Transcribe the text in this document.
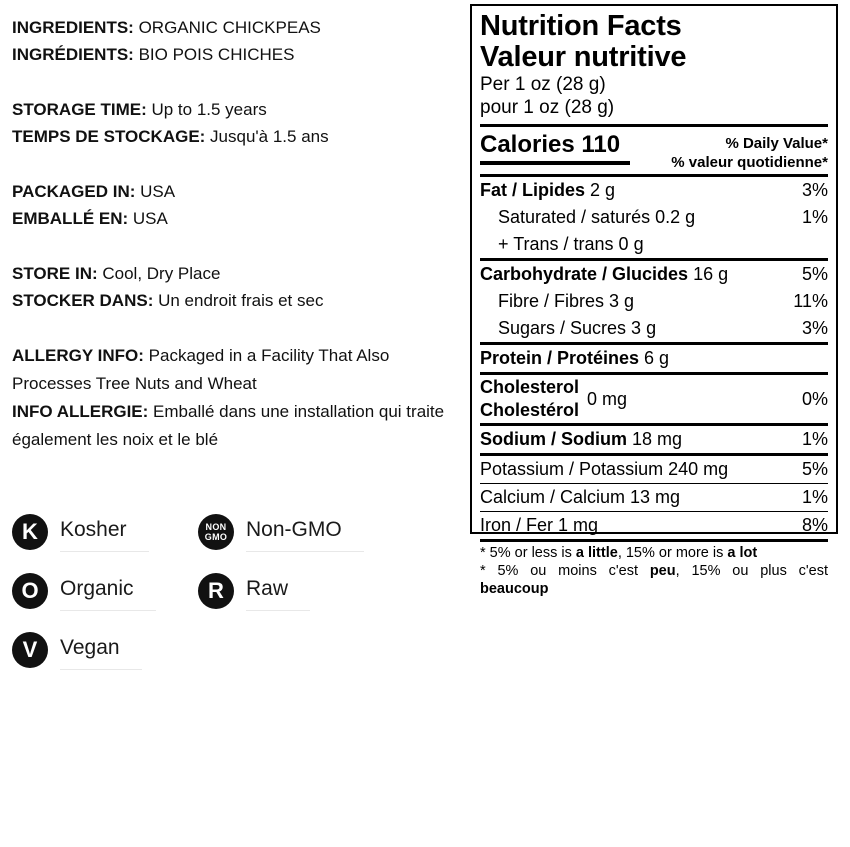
INGREDIENTS: ORGANIC CHICKPEAS
INGRÉDIENTS: BIO POIS CHICHES
STORAGE TIME: Up to 1.5 years
TEMPS DE STOCKAGE: Jusqu'à 1.5 ans
PACKAGED IN: USA
EMBALLÉ EN: USA
STORE IN: Cool, Dry Place
STOCKER DANS: Un endroit frais et sec
ALLERGY INFO: Packaged in a Facility That Also Processes Tree Nuts and Wheat
INFO ALLERGIE: Emballé dans une installation qui traite également les noix et le blé
K Kosher	NON
GMO Non-GMO
O Organic	R Raw
V Vegan
Nutrition Facts
Valeur nutritive
Per 1 oz (28 g)
pour 1 oz (28 g)
Calories 110	% Daily Value*
% valeur quotidienne*
Fat / Lipides 2 g	3%
Saturated / saturés 0.2 g	1%
+ Trans / trans 0 g
Carbohydrate / Glucides 16 g	5%
Fibre / Fibres 3 g	11%
Sugars / Sucres 3 g	3%
Protein / Protéines 6 g
Cholesterol
Cholestérol
0 mg	0%
Sodium / Sodium 18 mg	1%
Potassium / Potassium 240 mg	5%
Calcium / Calcium 13 mg	1%
Iron / Fer 1 mg	8%
* 5% or less is a little, 15% or more is a lot
* 5% ou moins c'est peu, 15% ou plus c'est
beaucoup
